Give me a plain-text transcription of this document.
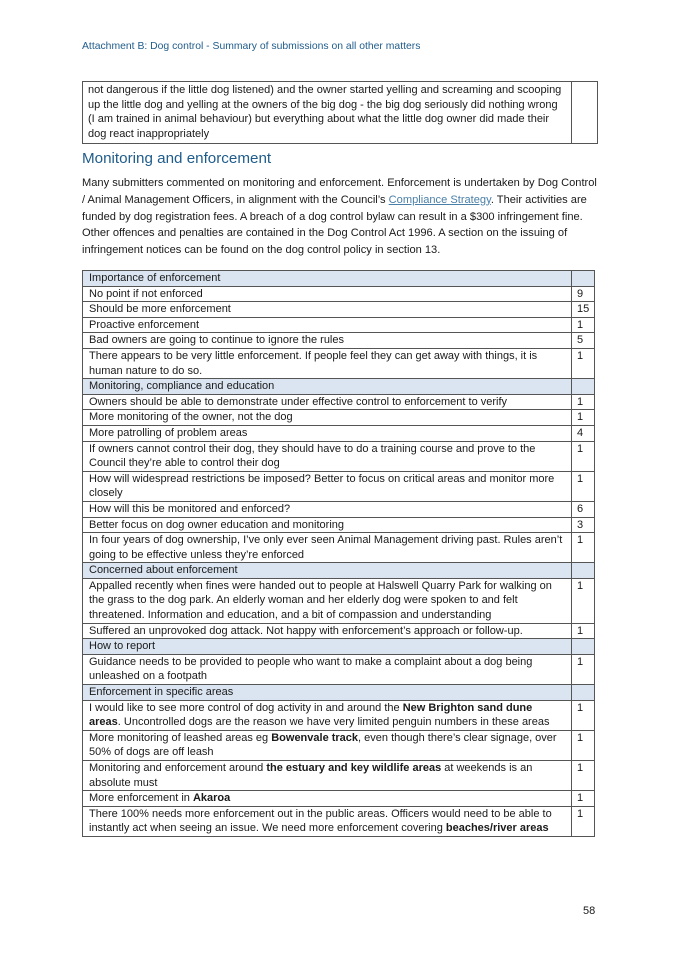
Attachment B: Dog control - Summary of submissions on all other matters
not dangerous if the little dog listened) and the owner started yelling and screaming and scooping up the little dog and yelling at the owners of the big dog - the big dog seriously did nothing wrong (I am trained in animal behaviour) but everything about what the little dog owner did made their dog react inappropriately	
Monitoring and enforcement

Many submitters commented on monitoring and enforcement. Enforcement is undertaken by Dog Control / Animal Management Officers, in alignment with the Council’s Compliance Strategy. Their activities are funded by dog registration fees. A breach of a dog control bylaw can result in a $300 infringement fine. Other offences and penalties are contained in the Dog Control Act 1996. A section on the issuing of infringement notices can be found on the dog control policy in section 13.

Importance of enforcement	
No point if not enforced	9
Should be more enforcement	15
Proactive enforcement	1
Bad owners are going to continue to ignore the rules	5
There appears to be very little enforcement. If people feel they can get away with things, it is human nature to do so.	1
Monitoring, compliance and education	
Owners should be able to demonstrate under effective control to enforcement to verify	1
More monitoring of the owner, not the dog	1
More patrolling of problem areas	4
If owners cannot control their dog, they should have to do a training course and prove to the Council they’re able to control their dog	1
How will widespread restrictions be imposed? Better to focus on critical areas and monitor more closely	1
How will this be monitored and enforced?	6
Better focus on dog owner education and monitoring	3
In four years of dog ownership, I’ve only ever seen Animal Management driving past. Rules aren’t going to be effective unless they’re enforced	1
Concerned about enforcement	
Appalled recently when fines were handed out to people at Halswell Quarry Park for walking on the grass to the dog park. An elderly woman and her elderly dog were spoken to and felt threatened. Information and education, and a bit of compassion and understanding	1
Suffered an unprovoked dog attack. Not happy with enforcement’s approach or follow-up.	1
How to report	
Guidance needs to be provided to people who want to make a complaint about a dog being unleashed on a footpath	1
Enforcement in specific areas	
I would like to see more control of dog activity in and around the New Brighton sand dune areas. Uncontrolled dogs are the reason we have very limited penguin numbers in these areas	1
More monitoring of leashed areas eg Bowenvale track, even though there’s clear signage, over 50% of dogs are off leash	1
Monitoring and enforcement around the estuary and key wildlife areas at weekends is an absolute must	1
More enforcement in Akaroa	1
There 100% needs more enforcement out in the public areas. Officers would need to be able to instantly act when seeing an issue. We need more enforcement covering beaches/river areas	1
58
